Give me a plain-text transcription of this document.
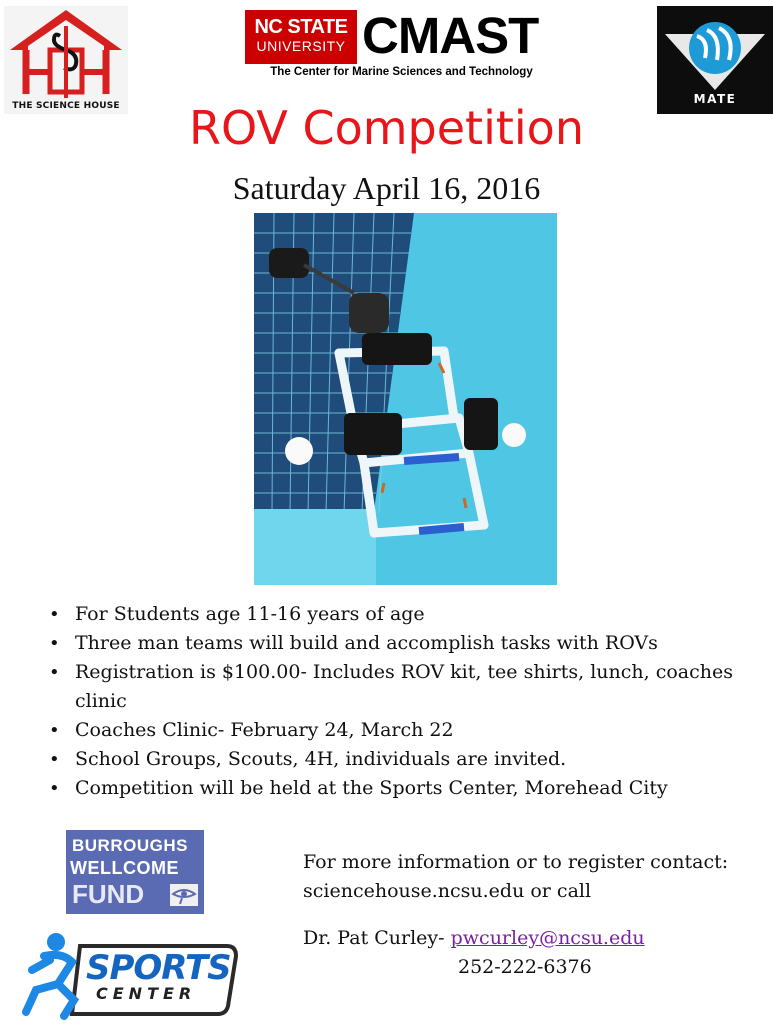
THE SCIENCE HOUSE
NC STATE
UNIVERSITY CMAST
The Center for Marine Sciences and Technology
MATE
ROV Competition
Saturday April 16, 2016
• For Students age 11-16 years of age
• Three man teams will build and accomplish tasks with ROVs
• Registration is $100.00- Includes ROV kit, tee shirts, lunch, coaches clinic
• Coaches Clinic- February 24, March 22
• School Groups, Scouts, 4H, individuals are invited.
• Competition will be held at the Sports Center, Morehead City
BURROUGHS
WELLCOME
FUND
SPORTS
CENTER
For more information or to register contact:
sciencehouse.ncsu.edu or call
Dr. Pat Curley- pwcurley@ncsu.edu
252-222-6376
